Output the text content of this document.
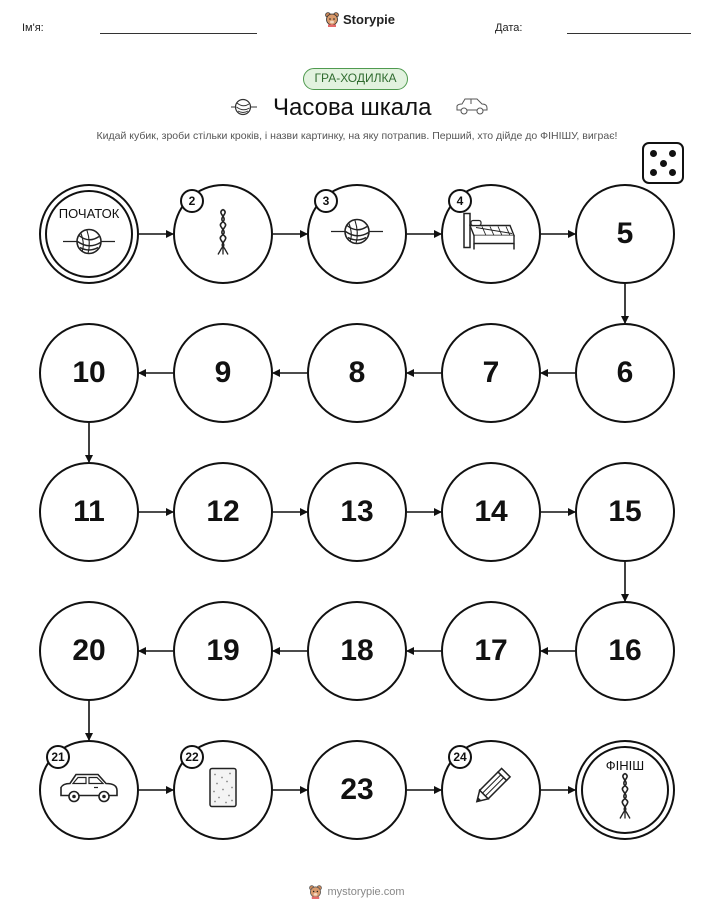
Ім'я:
Storypie
Дата:
ГРА-ХОДИЛКА
Часова шкала
Кидай кубик, зроби стільки кроків, і назви картинку, на яку потрапив. Перший, хто дійде до ФІНІШУ, виграє!
ПОЧАТОК
2	3	4
5
6
7
8
9
10
11	12	13	14	15
16
17
18
19
20
21	22
23
24
ФІНІШ
mystorypie.com
